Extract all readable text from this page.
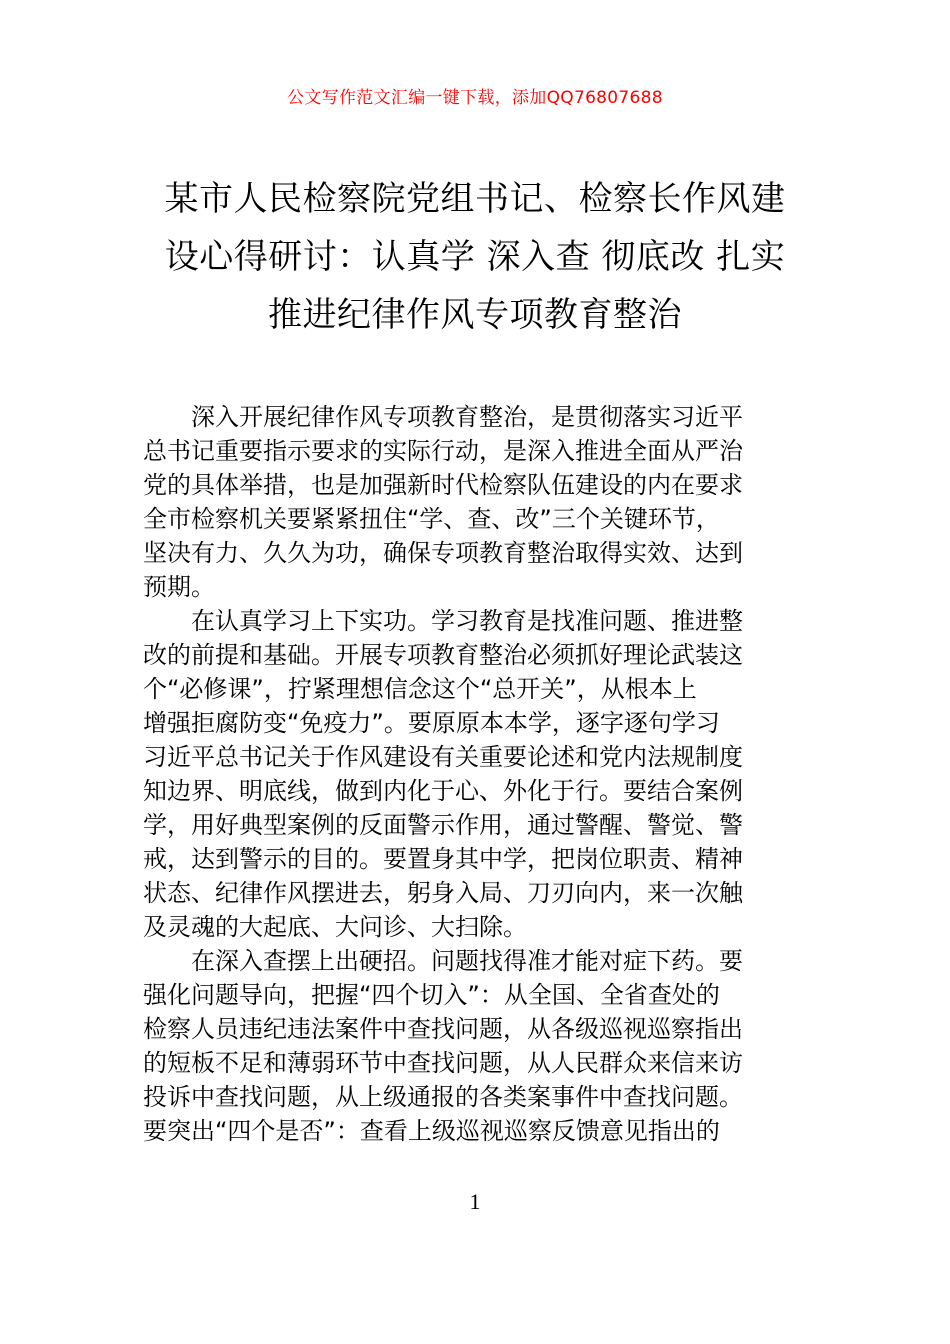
公文写作范文汇编一键下载，添加QQ76807688
某市人民检察院党组书记、检察长作风建
设心得研讨：认真学 深入查 彻底改 扎实
推进纪律作风专项教育整治

　　深入开展纪律作风专项教育整治，是贯彻落实习近平
总书记重要指示要求的实际行动，是深入推进全面从严治
党的具体举措，也是加强新时代检察队伍建设的内在要求
全市检察机关要紧紧扭住“学、查、改”三个关键环节，
坚决有力、久久为功，确保专项教育整治取得实效、达到
预期。

　　在认真学习上下实功。学习教育是找准问题、推进整
改的前提和基础。开展专项教育整治必须抓好理论武装这
个“必修课”，拧紧理想信念这个“总开关”，从根本上
增强拒腐防变“免疫力”。要原原本本学，逐字逐句学习
习近平总书记关于作风建设有关重要论述和党内法规制度
知边界、明底线，做到内化于心、外化于行。要结合案例
学，用好典型案例的反面警示作用，通过警醒、警觉、警
戒，达到警示的目的。要置身其中学，把岗位职责、精神
状态、纪律作风摆进去，躬身入局、刀刃向内，来一次触
及灵魂的大起底、大问诊、大扫除。

　　在深入查摆上出硬招。问题找得准才能对症下药。要
强化问题导向，把握“四个切入”：从全国、全省查处的
检察人员违纪违法案件中查找问题，从各级巡视巡察指出
的短板不足和薄弱环节中查找问题，从人民群众来信来访
投诉中查找问题，从上级通报的各类案事件中查找问题。
要突出“四个是否”：查看上级巡视巡察反馈意见指出的

1
